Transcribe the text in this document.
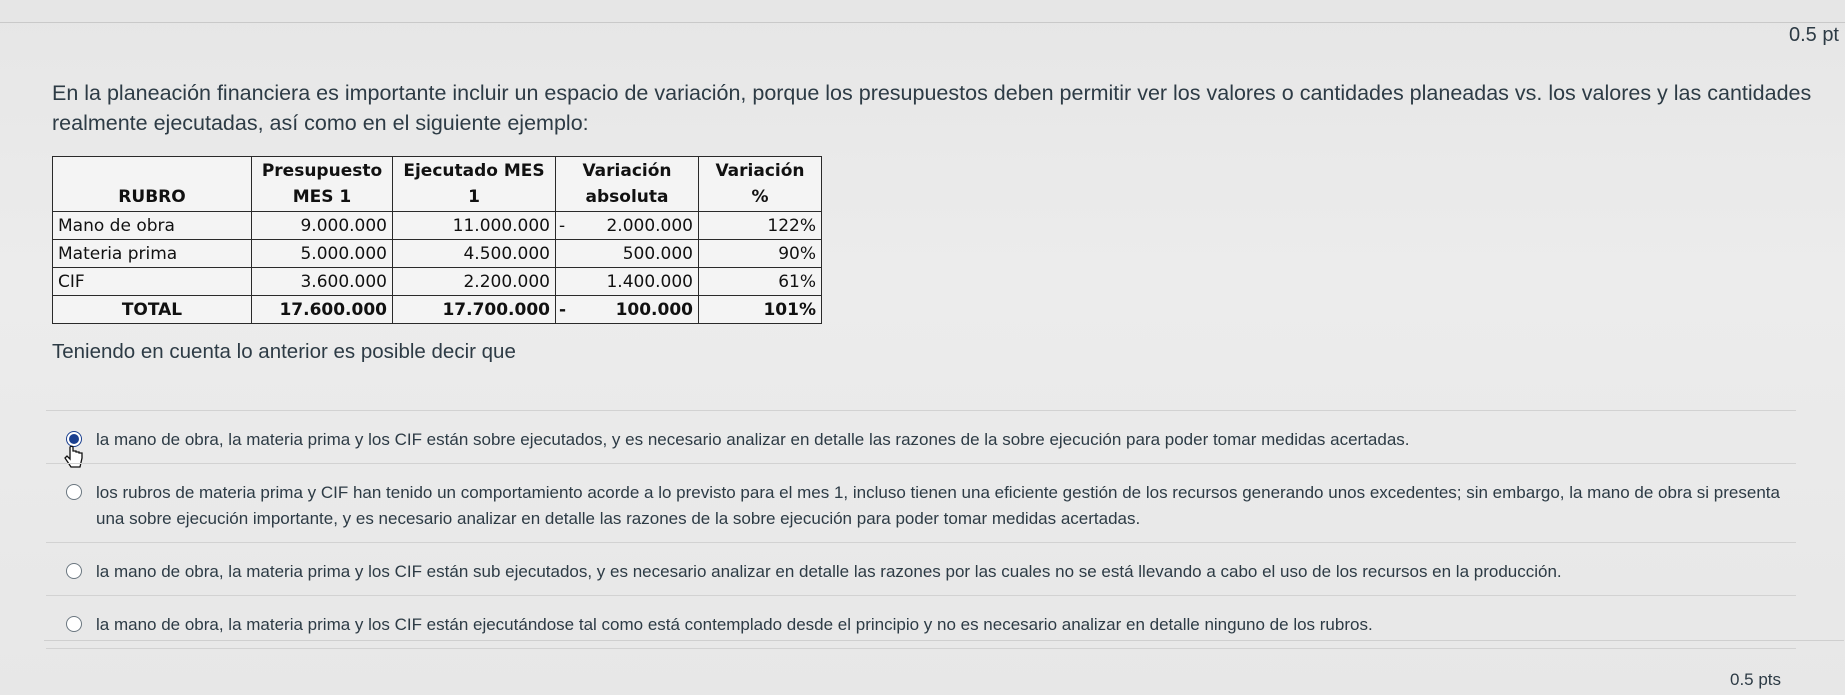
0.5 pt

En la planeación financiera es importante incluir un espacio de variación, porque los presupuestos deben permitir ver los valores o cantidades planeadas vs. los valores y las cantidades realmente ejecutadas, así como en el siguiente ejemplo:

RUBRO	Presupuesto MES 1	Ejecutado MES 1	Variación absoluta	Variación %
Mano de obra	9.000.000	11.000.000	- 2.000.000	122%
Materia prima	5.000.000	4.500.000	500.000	90%
CIF	3.600.000	2.200.000	1.400.000	61%
TOTAL	17.600.000	17.700.000	- 100.000	101%

Teniendo en cuenta lo anterior es posible decir que

la mano de obra, la materia prima y los CIF están sobre ejecutados, y es necesario analizar en detalle las razones de la sobre ejecución para poder tomar medidas acertadas.
los rubros de materia prima y CIF han tenido un comportamiento acorde a lo previsto para el mes 1, incluso tienen una eficiente gestión de los recursos generando unos excedentes; sin embargo, la mano de obra si presenta una sobre ejecución importante, y es necesario analizar en detalle las razones de la sobre ejecución para poder tomar medidas acertadas.
la mano de obra, la materia prima y los CIF están sub ejecutados, y es necesario analizar en detalle las razones por las cuales no se está llevando a cabo el uso de los recursos en la producción.
la mano de obra, la materia prima y los CIF están ejecutándose tal como está contemplado desde el principio y no es necesario analizar en detalle ninguno de los rubros.
0.5 pts
